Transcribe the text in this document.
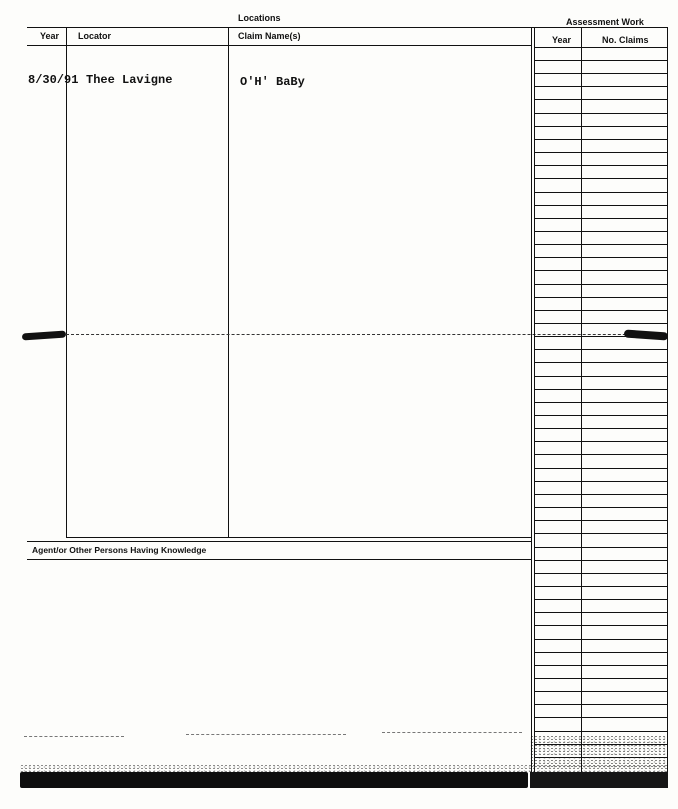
Locations	Assessment Work
Year Locator	Claim Name(s)	Year	No. Claims
8/30/91 Thee Lavigne	O'H' BaBy
Agent/or Other Persons Having Knowledge
